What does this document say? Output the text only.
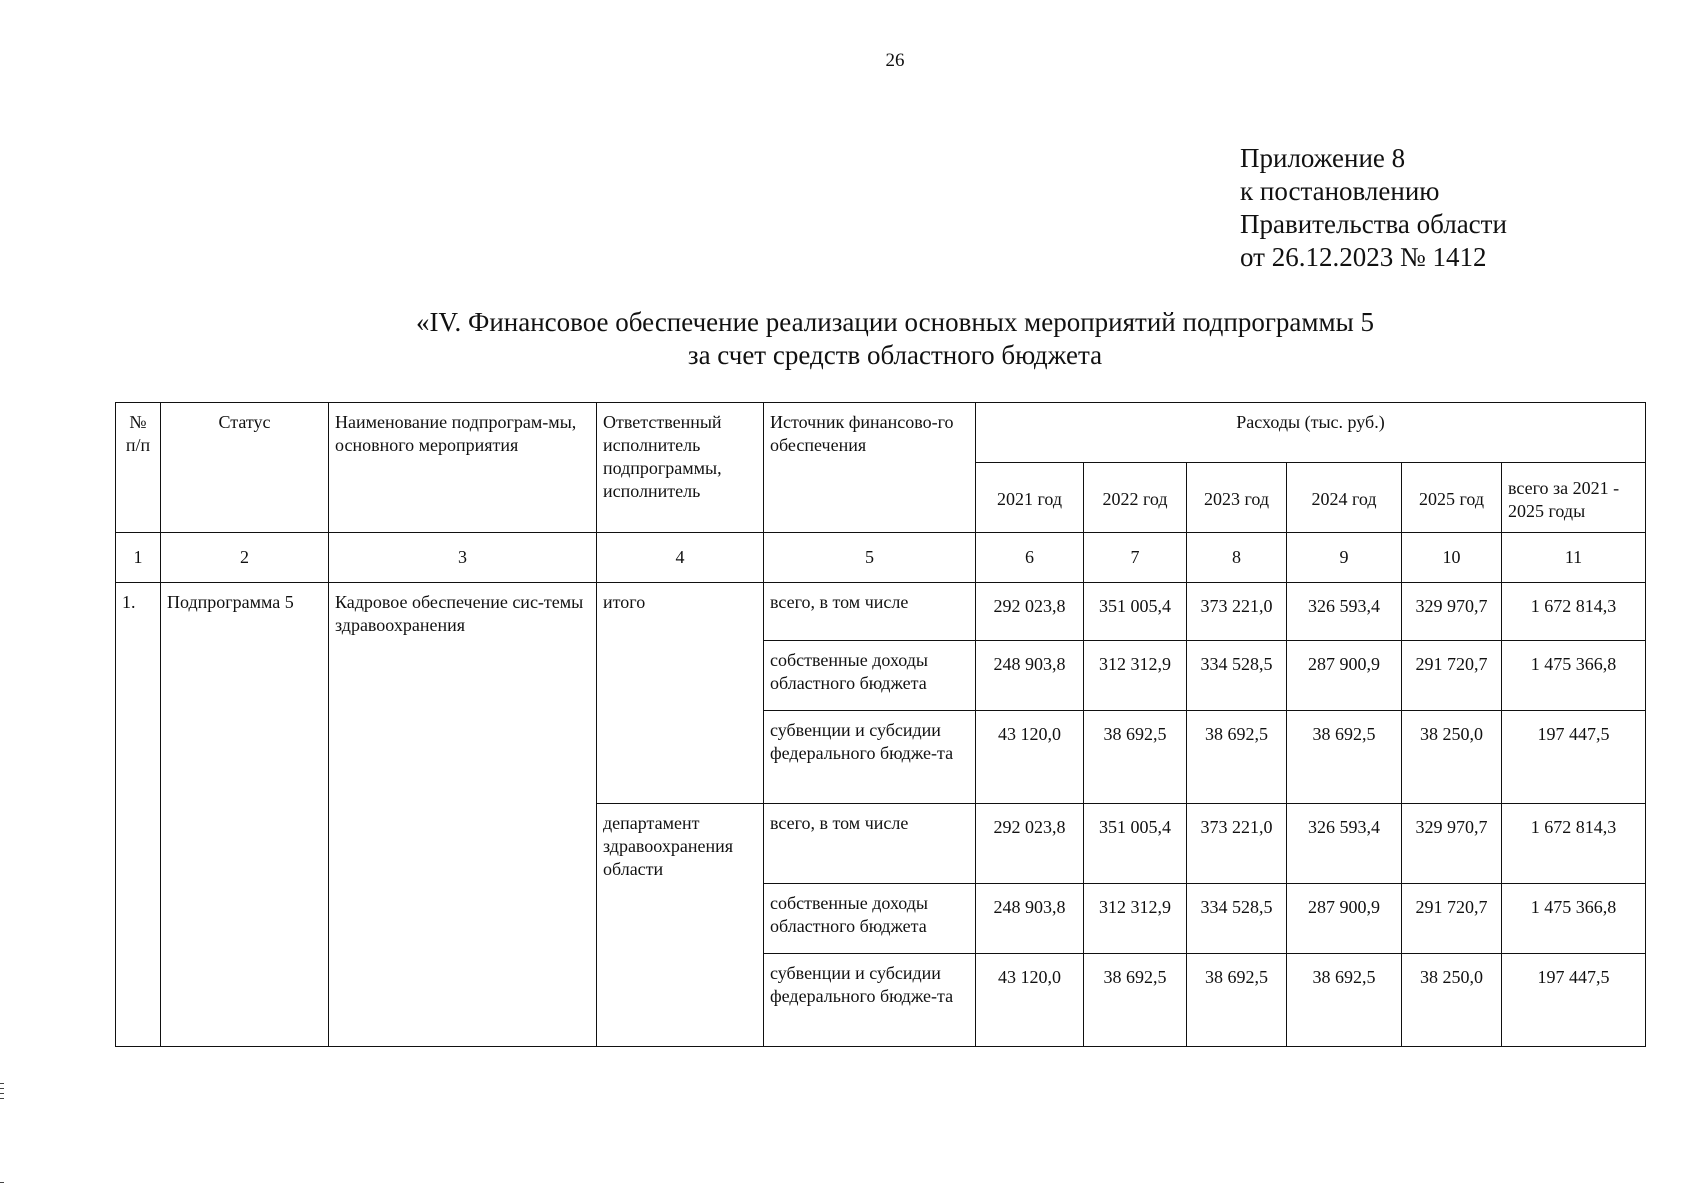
26
Приложение 8
к постановлению
Правительства области
от 26.12.2023 № 1412
«IV. Финансовое обеспечение реализации основных мероприятий подпрограммы 5
за счет средств областного бюджета
№ п/п	Статус	Наименование подпрограм-мы, основного мероприятия	Ответственный исполнитель подпрограммы, исполнитель	Источник финансово-го обеспечения	Расходы (тыс. руб.)					
					2021 год	2022 год	2023 год	2024 год	2025 год	всего за 2021 - 2025 годы
1	2	3	4	5	6	7	8	9	10	11
1.	Подпрограмма 5	Кадровое обеспечение сис-темы здравоохранения	итого	всего, в том числе	292 023,8	351 005,4	373 221,0	326 593,4	329 970,7	1 672 814,3
				собственные доходы областного бюджета	248 903,8	312 312,9	334 528,5	287 900,9	291 720,7	1 475 366,8
				субвенции и субсидии федерального бюдже-та	43 120,0	38 692,5	38 692,5	38 692,5	38 250,0	197 447,5
			департамент здравоохранения области	всего, в том числе	292 023,8	351 005,4	373 221,0	326 593,4	329 970,7	1 672 814,3
				собственные доходы областного бюджета	248 903,8	312 312,9	334 528,5	287 900,9	291 720,7	1 475 366,8
				субвенции и субсидии федерального бюдже-та	43 120,0	38 692,5	38 692,5	38 692,5	38 250,0	197 447,5
